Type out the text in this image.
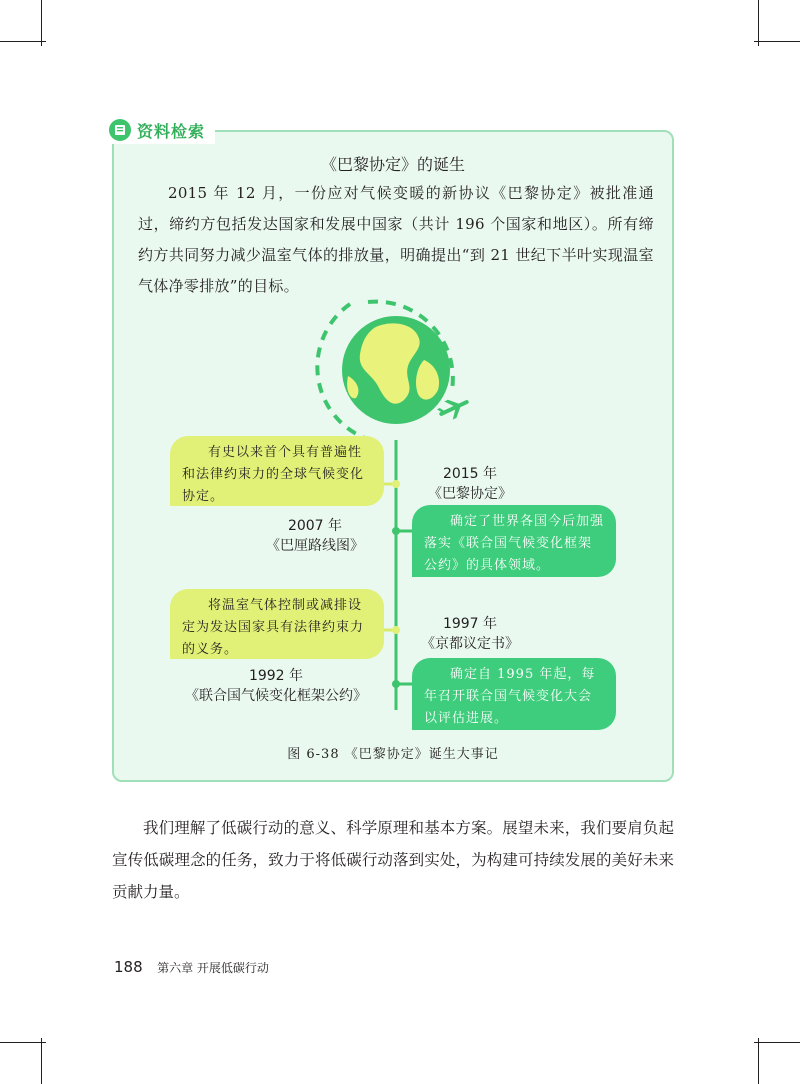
资料检索
《巴黎协定》的诞生

2015 年 12 月，一份应对气候变暖的新协议《巴黎协定》被批准通过，缔约方包括发达国家和发展中国家（共计 196 个国家和地区）。所有缔约方共同努力减少温室气体的排放量，明确提出“到 21 世纪下半叶实现温室气体净零排放”的目标。

有史以来首个具有普遍性和法律约束力的全球气候变化协定。
2015 年
《巴黎协定》
2007 年
《巴厘路线图》
确定了世界各国今后加强落实《联合国气候变化框架公约》的具体领域。
将温室气体控制或减排设定为发达国家具有法律约束力的义务。
1997 年
《京都议定书》
1992 年
《联合国气候变化框架公约》
确定自 1995 年起，每年召开联合国气候变化大会以评估进展。
图 6-38 《巴黎协定》诞生大事记

我们理解了低碳行动的意义、科学原理和基本方案。展望未来，我们要肩负起宣传低碳理念的任务，致力于将低碳行动落到实处，为构建可持续发展的美好未来贡献力量。

188 第六章 开展低碳行动
